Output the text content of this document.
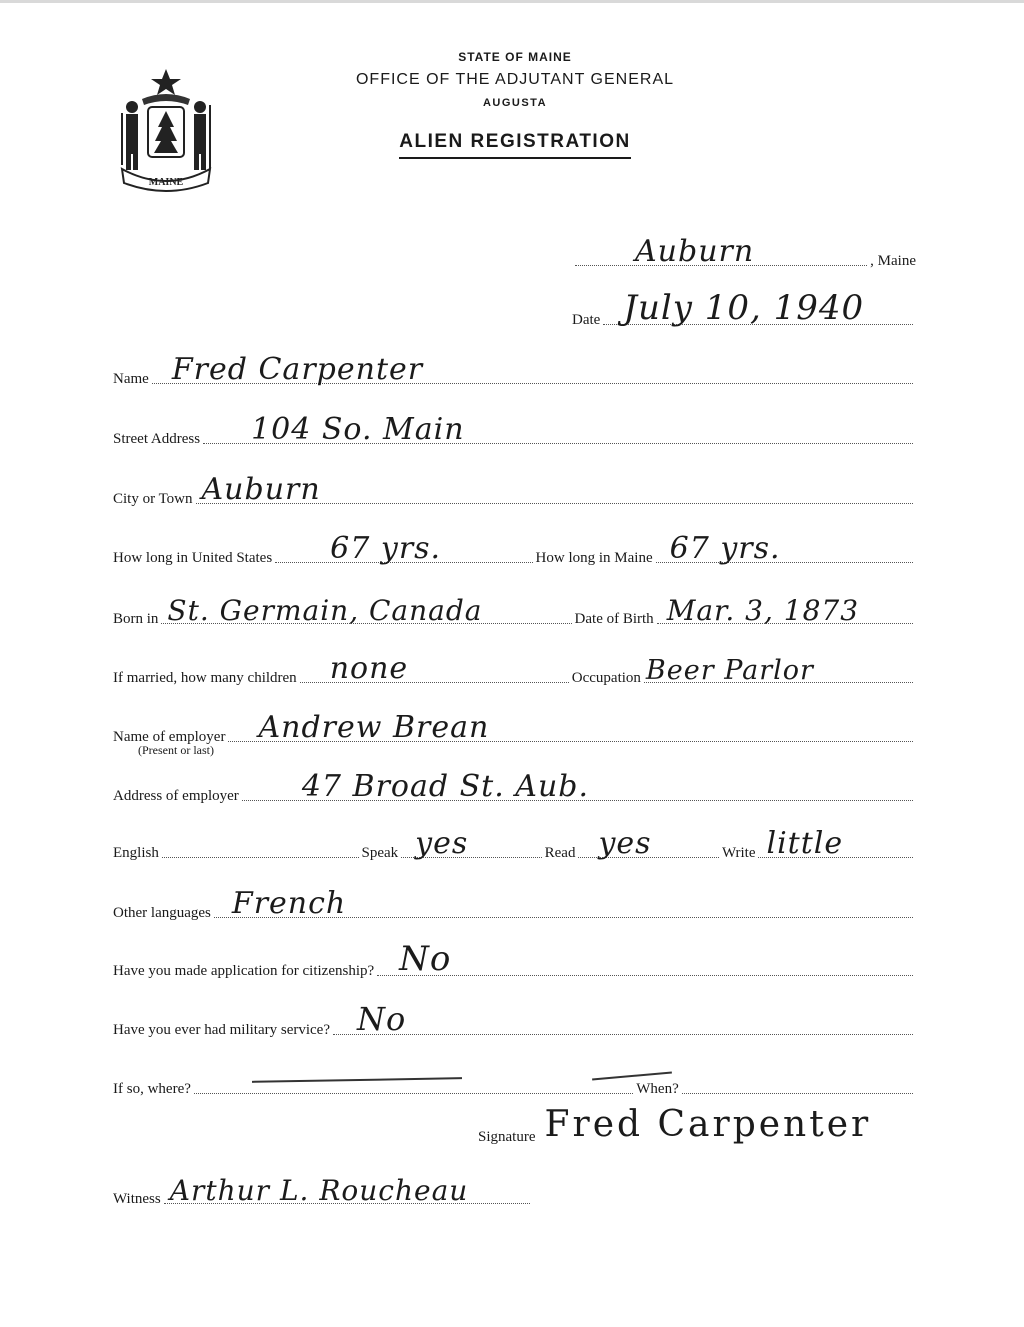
MAINE
STATE OF MAINE
OFFICE OF THE ADJUTANT GENERAL
AUGUSTA
ALIEN REGISTRATION
Auburn	, Maine
Date July 10, 1940
Name Fred Carpenter
Street Address 104 So. Main
City or Town Auburn
How long in United States 67 yrs.	How long in Maine 67 yrs.
Born in St. Germain, Canada	Date of Birth Mar. 3, 1873
If married, how many children none	Occupation Beer Parlor
Name of employer Andrew Brean
(Present or last)
Address of employer 47 Broad St. Aub.
English	Speak yes	Read yes	Write little
Other languages French
Have you made application for citizenship? No
Have you ever had military service? No
If so, where?	When?
Signature Fred Carpenter
Witness Arthur L. Roucheau
